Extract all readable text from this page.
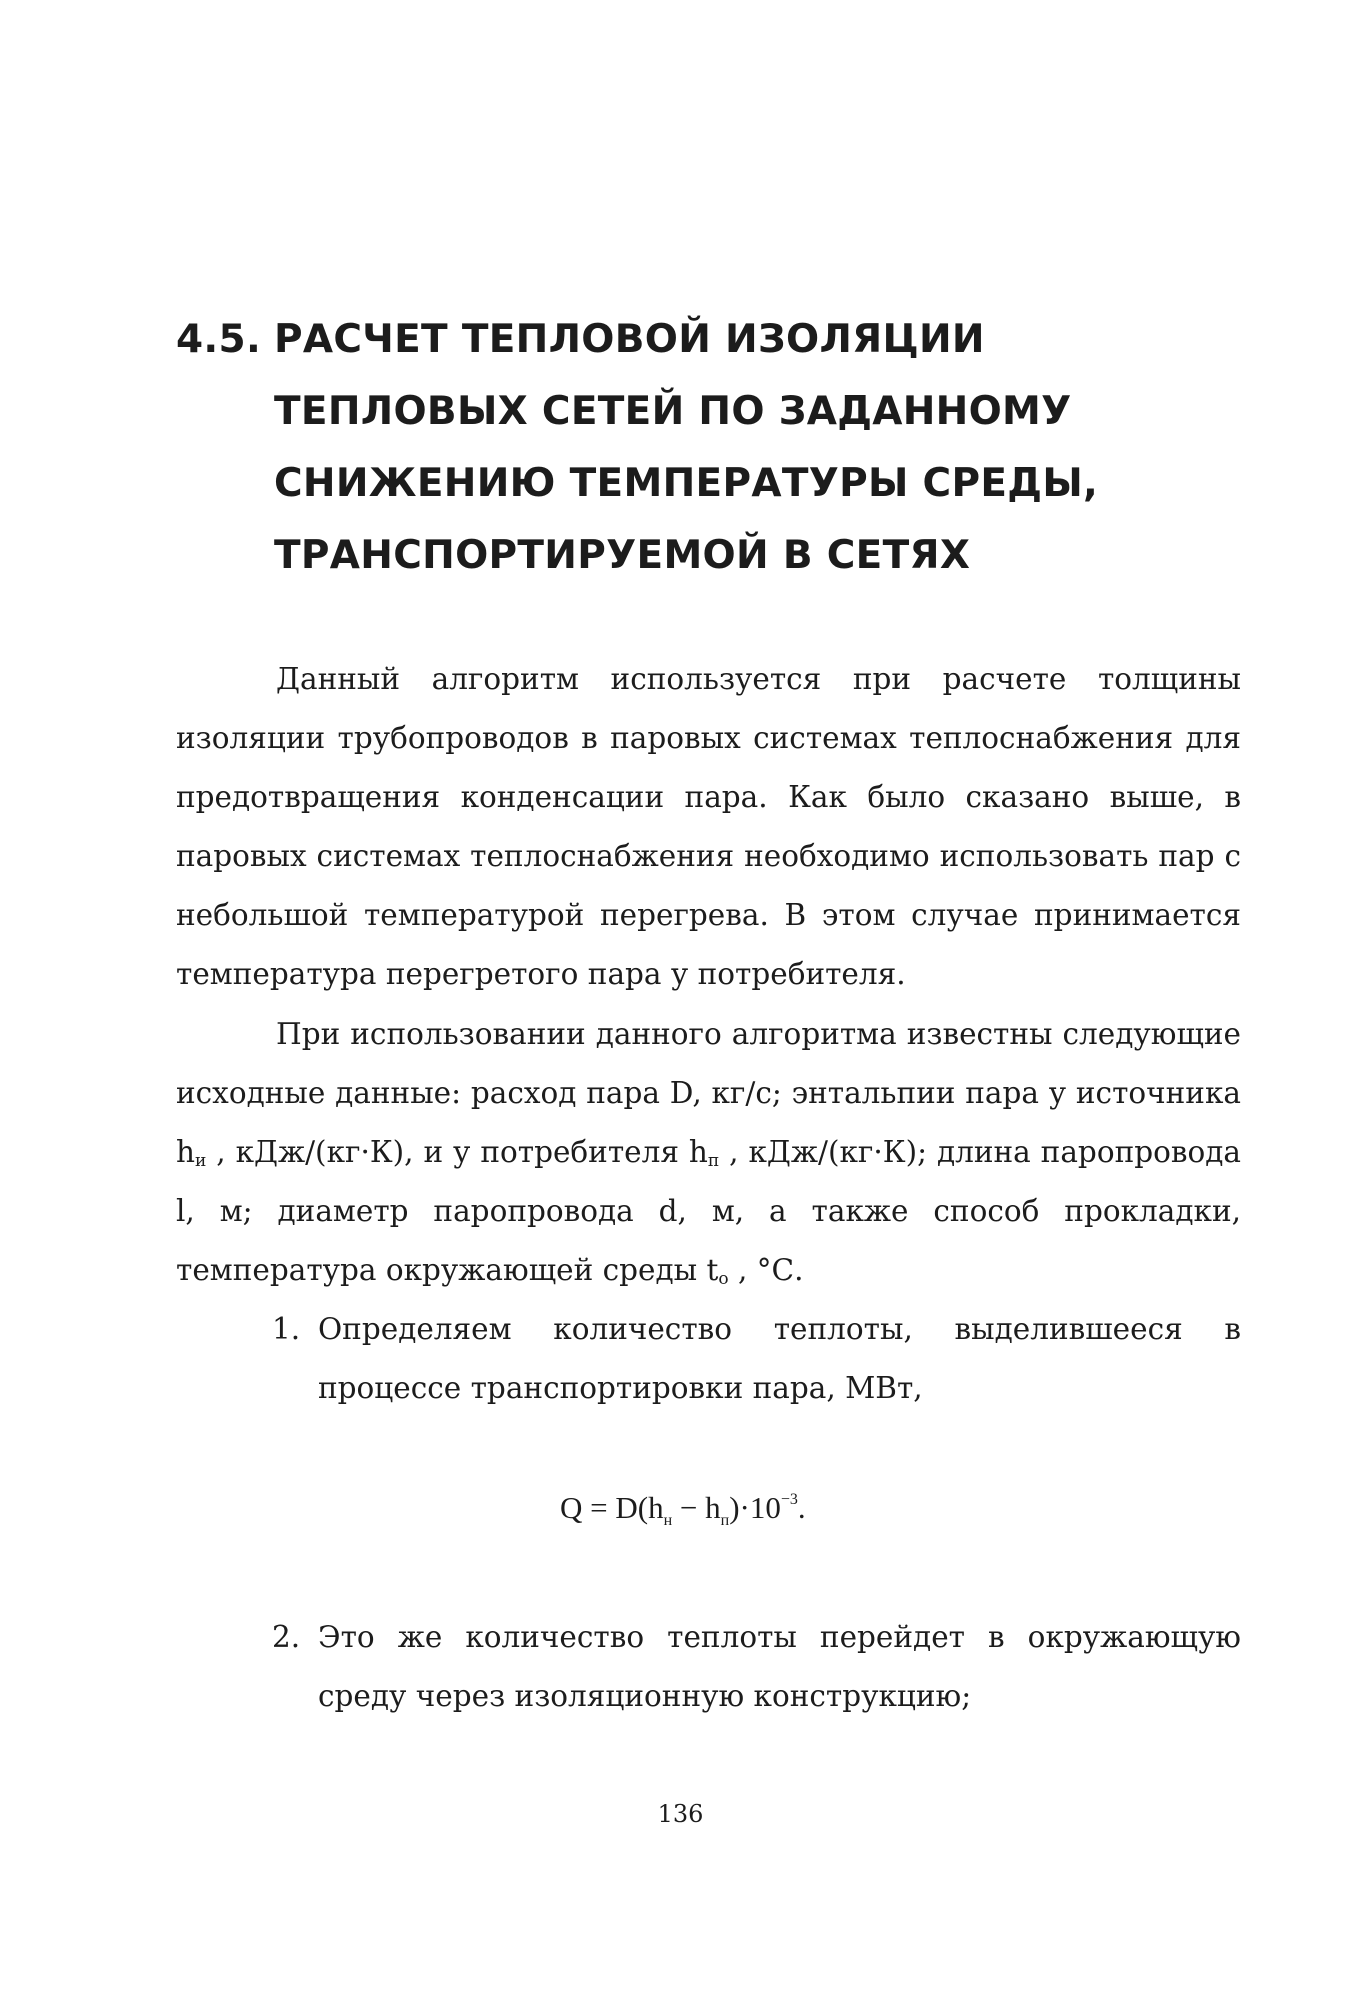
4.5. РАСЧЕТ ТЕПЛОВОЙ ИЗОЛЯЦИИ
ТЕПЛОВЫХ СЕТЕЙ ПО ЗАДАННОМУ
СНИЖЕНИЮ ТЕМПЕРАТУРЫ СРЕДЫ,
ТРАНСПОРТИРУЕМОЙ В СЕТЯХ

Данный алгоритм используется при расчете толщины изоляции трубопроводов в паровых системах теплоснабжения для предотвращения конденсации пара. Как было сказано выше, в паровых системах теплоснабжения необходимо использовать пар с небольшой температурой перегрева. В этом случае принимается температура перегретого пара у потребителя.

При использовании данного алгоритма известны следующие исходные данные: расход пара D, кг/с; энтальпии пара у источника $h_и$ , кДж/(кг·К), и у потребителя $h_п$ , кДж/(кг·К); длина паропровода l, м; диаметр паропровода d, м, а также способ прокладки, температура окружающей среды $t_о$ , °С.

1. Определяем количество теплоты, выделившееся в процессе транспортировки пара, МВт,
$Q = D(h_н - h_п)\cdot 10^{-3}$.
2. Это же количество теплоты перейдет в окружающую среду через изоляционную конструкцию;
136
